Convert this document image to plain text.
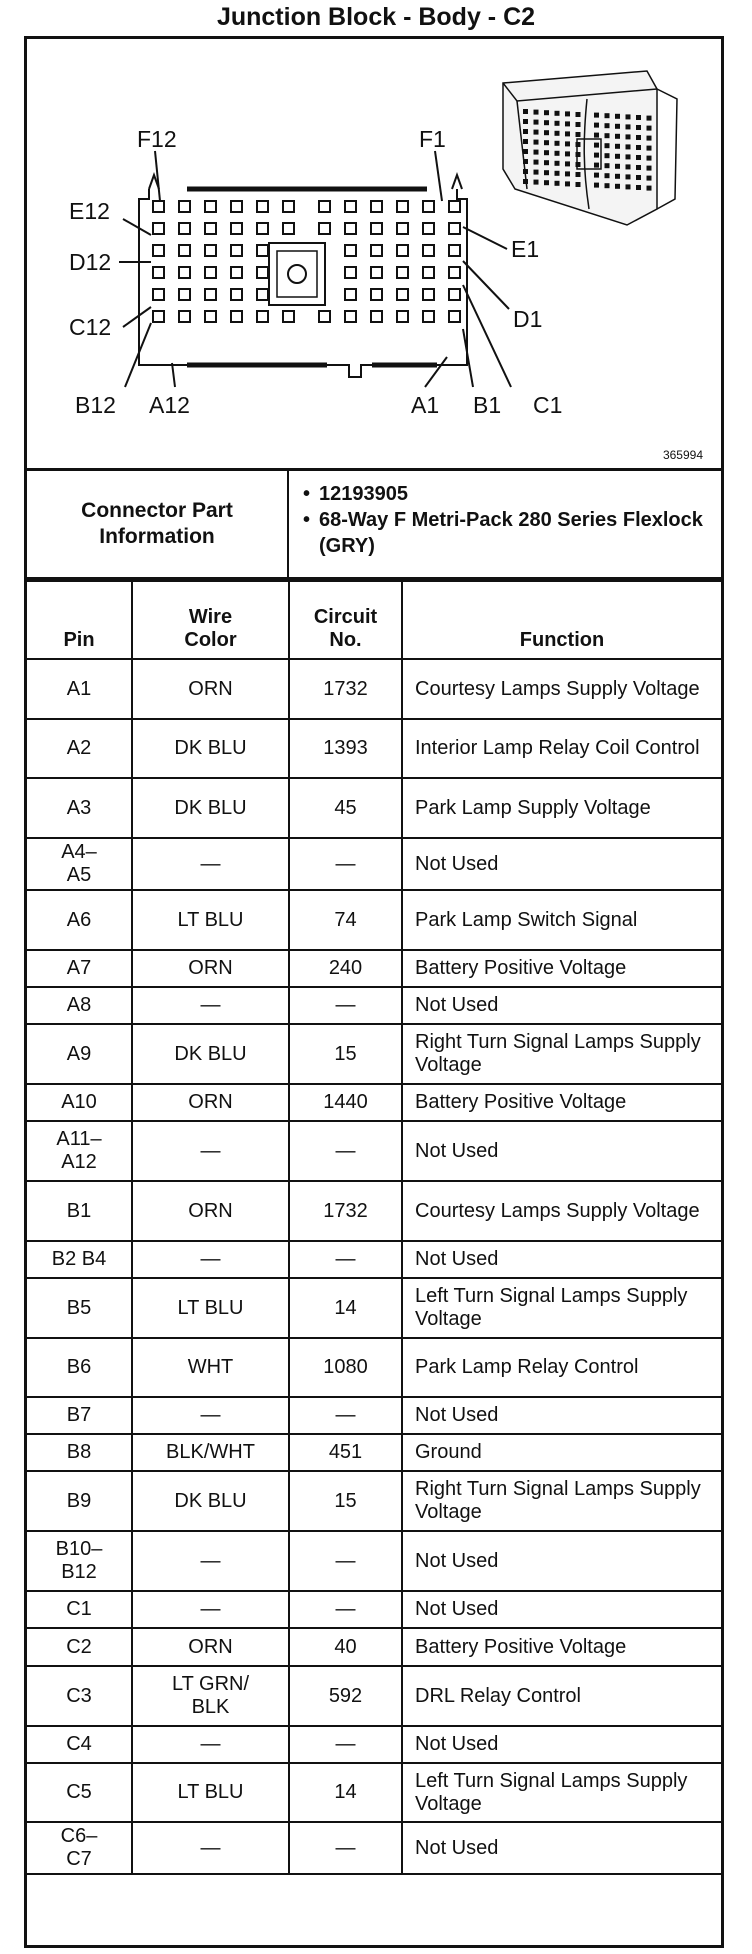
Junction Block - Body - C2
F12	F1
E12
E1
D12
D1
C12
C1
B12	B1
A12	A1
365994
Connector Part Information
• 12193905
• 68-Way F Metri-Pack 280 Series Flexlock (GRY)
Pin	Wire Color	Circuit No.	Function
A1	ORN	1732	Courtesy Lamps Supply Voltage
A2	DK BLU	1393	Interior Lamp Relay Coil Control
A3	DK BLU	45	Park Lamp Supply Voltage
A4–A5	—	—	Not Used
A6	LT BLU	74	Park Lamp Switch Signal
A7	ORN	240	Battery Positive Voltage
A8	—	—	Not Used
A9	DK BLU	15	Right Turn Signal Lamps Supply Voltage
A10	ORN	1440	Battery Positive Voltage
A11–A12	—	—	Not Used
B1	ORN	1732	Courtesy Lamps Supply Voltage
B2 B4	—	—	Not Used
B5	LT BLU	14	Left Turn Signal Lamps Supply Voltage
B6	WHT	1080	Park Lamp Relay Control
B7	—	—	Not Used
B8	BLK/WHT	451	Ground
B9	DK BLU	15	Right Turn Signal Lamps Supply Voltage
B10–B12	—	—	Not Used
C1	—	—	Not Used
C2	ORN	40	Battery Positive Voltage
C3	LT GRN/ BLK	592	DRL Relay Control
C4	—	—	Not Used
C5	LT BLU	14	Left Turn Signal Lamps Supply Voltage
C6–C7	—	—	Not Used
